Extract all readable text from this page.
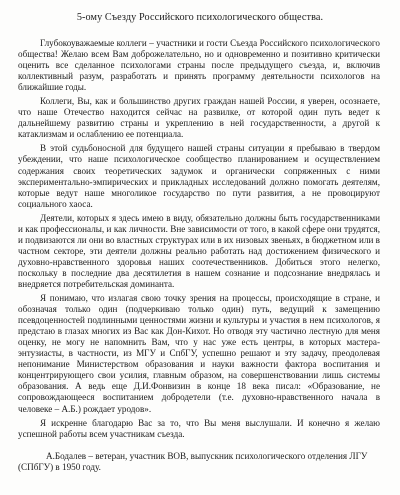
5-ому Съезду Российского психологического общества.

Глубокоуважаемые коллеги – участники и гости Съезда Российского психологического общества! Желаю всем Вам доброжелательно, но и одновременно и позитивно критически оценить все сделанное психологами страны после предыдущего съезда, и, включив коллективный разум, разработать и принять программу деятельности психологов на ближайшие годы.

Коллеги, Вы, как и большинство других граждан нашей России, я уверен, осознаете, что наше Отечество находится сейчас на развилке, от которой один путь ведет к дальнейшему развитию страны и укреплению в ней государственности, а другой к катаклизмам и ослаблению ее потенциала.

В этой судьбоносной для будущего нашей страны ситуации я пребываю в твердом убеждении, что наше психологическое сообщество планированием и осуществлением содержания своих теоретических задумок и органически сопряженных с ними экспериментально-эмпирических и прикладных исследований должно помогать деятелям, которые ведут наше многоликое государство по пути развития, а не провоцируют социального хаоса.

Деятели, которых я здесь имею в виду, обязательно должны быть государственниками и как профессионалы, и как личности. Вне зависимости от того, в какой сфере они трудятся, и подвизаются ли они во властных структурах или в их низовых звеньях, в бюджетном или в частном секторе, эти деятели должны реально работать над достижением физического и духовно-нравственного здоровья наших соотечественников. Добиться этого нелегко, поскольку в последние два десятилетия в нашем сознание и подсознание внедрялась и внедряется потребительская доминанта.

Я понимаю, что излагая свою точку зрения на процессы, происходящие в стране, и обозначая только один (подчеркиваю только один) путь, ведущий к замещению псевдоценностей подлинными ценностями жизни и культуры и участия в нем психологов, я предстаю в глазах многих из Вас как Дон-Кихот. Но отводя эту частично лестную для меня оценку, не могу не напомнить Вам, что у нас уже есть центры, в которых мастера-энтузиасты, в частности, из МГУ и СпбГУ, успешно решают и эту задачу, преодолевая непонимание Министерством образования и науки важности фактора воспитания и концентрирующего свои усилия, главным образом, на совершенствовании лишь системы образования. А ведь еще Д.И.Фонвизин в конце 18 века писал: «Образование, не сопровождающееся воспитанием добродетели (т.е. духовно-нравственного начала в человеке – А.Б.) рождает уродов».

Я искренне благодарю Вас за то, что Вы меня выслушали. И конечно я желаю успешной работы всем участникам съезда.

А.Бодалев – ветеран, участник ВОВ, выпускник психологического отделения ЛГУ (СПбГУ) в 1950 году.
